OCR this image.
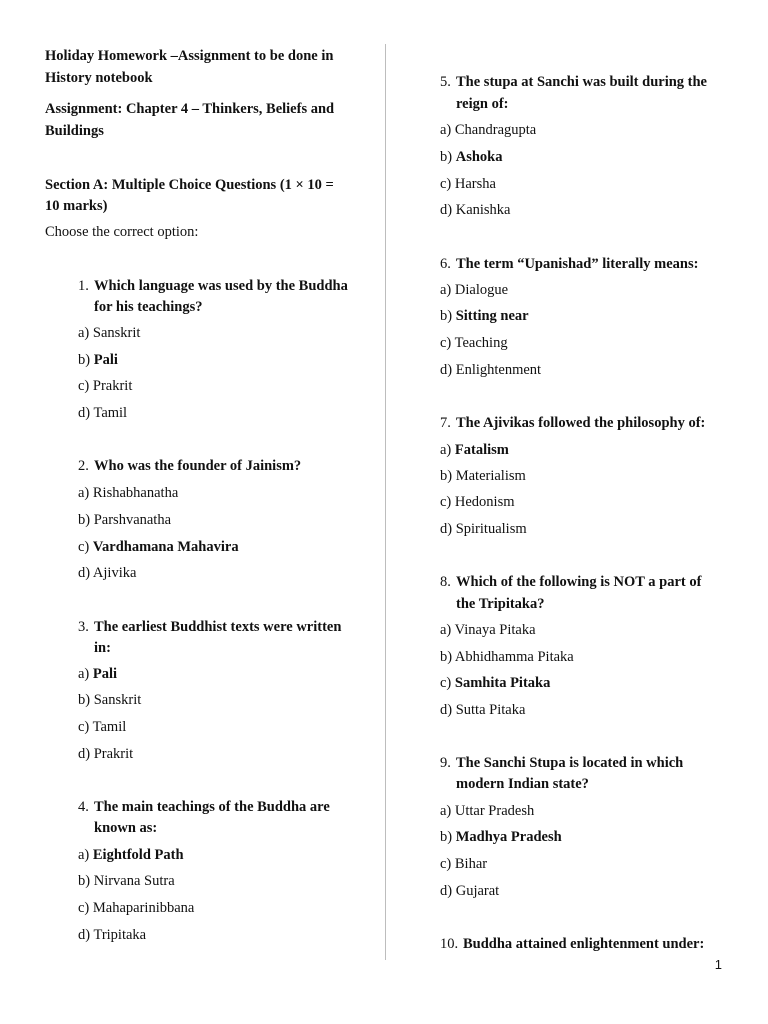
Holiday Homework –Assignment to be done in
History notebook
Assignment: Chapter 4 – Thinkers, Beliefs and
Buildings
Section A: Multiple Choice Questions (1 × 10 =
10 marks)
Choose the correct option:
1. Which language was used by the Buddha
for his teachings?
a) Sanskrit
b) Pali
c) Prakrit
d) Tamil
2. Who was the founder of Jainism?
a) Rishabhanatha
b) Parshvanatha
c) Vardhamana Mahavira
d) Ajivika
3. The earliest Buddhist texts were written
in:
a) Pali
b) Sanskrit
c) Tamil
d) Prakrit
4. The main teachings of the Buddha are
known as:
a) Eightfold Path
b) Nirvana Sutra
c) Mahaparinibbana
d) Tripitaka
5. The stupa at Sanchi was built during the
reign of:
a) Chandragupta
b) Ashoka
c) Harsha
d) Kanishka
6. The term “Upanishad” literally means:
a) Dialogue
b) Sitting near
c) Teaching
d) Enlightenment
7. The Ajivikas followed the philosophy of:
a) Fatalism
b) Materialism
c) Hedonism
d) Spiritualism
8. Which of the following is NOT a part of
the Tripitaka?
a) Vinaya Pitaka
b) Abhidhamma Pitaka
c) Samhita Pitaka
d) Sutta Pitaka
9. The Sanchi Stupa is located in which
modern Indian state?
a) Uttar Pradesh
b) Madhya Pradesh
c) Bihar
d) Gujarat
10. Buddha attained enlightenment under:
1
